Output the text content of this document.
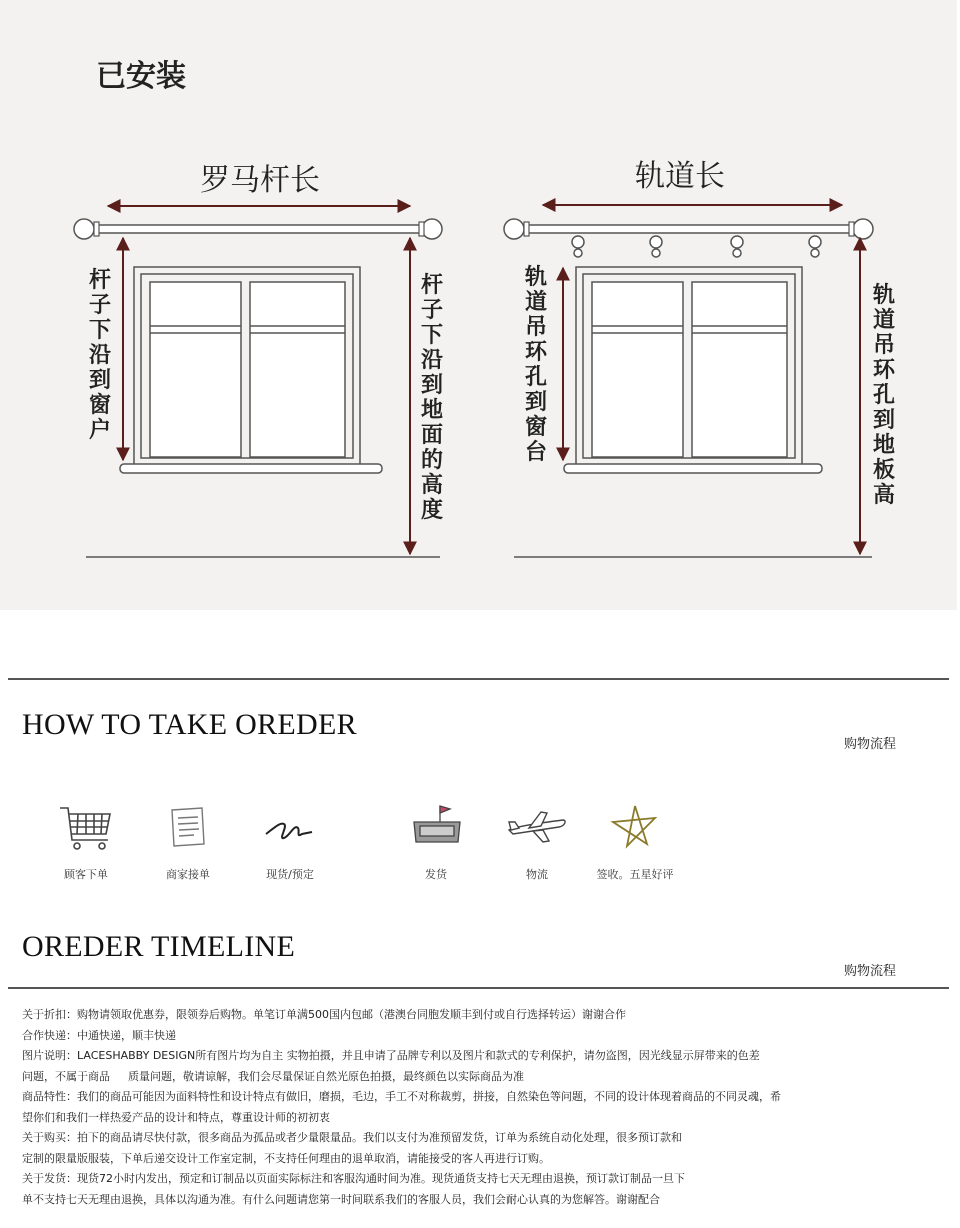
已安装
罗马杆长
杆子下沿到窗户
杆子下沿到地面的高度
轨道长
轨道吊环孔到窗台
轨道吊环孔到地板高
HOW TO TAKE OREDER
购物流程
顾客下单	商家接单	现货/预定	发货	物流	签收。五星好评
OREDER TIMELINE
购物流程
关于折扣：购物请领取优惠券，限领券后购物。单笔订单满500国内包邮（港澳台同胞发顺丰到付或自行选择转运）谢谢合作
合作快递：中通快递，顺丰快递
图片说明：LACESHABBY DESIGN所有图片均为自主 实物拍摄，并且申请了品牌专利以及图片和款式的专利保护，请勿盗图，因光线显示屏带来的色差
问题，不属于商品 　 质量问题，敬请谅解，我们会尽量保证自然光原色拍摄，最终颜色以实际商品为准
商品特性：我们的商品可能因为面料特性和设计特点有做旧，磨损，毛边，手工不对称裁剪，拼接，自然染色等问题，不同的设计体现着商品的不同灵魂，希
望你们和我们一样热爱产品的设计和特点，尊重设计师的初初衷
关于购买：拍下的商品请尽快付款，很多商品为孤品或者少量限量品。我们以支付为准预留发货，订单为系统自动化处理，很多预订款和
定制的限量版服装，下单后递交设计工作室定制，不支持任何理由的退单取消，请能接受的客人再进行订购。
关于发货：现货72小时内发出，预定和订制品以页面实际标注和客服沟通时间为准。现货通货支持七天无理由退换，预订款订制品一旦下
单不支持七天无理由退换，具体以沟通为准。有什么问题请您第一时间联系我们的客服人员，我们会耐心认真的为您解答。谢谢配合
